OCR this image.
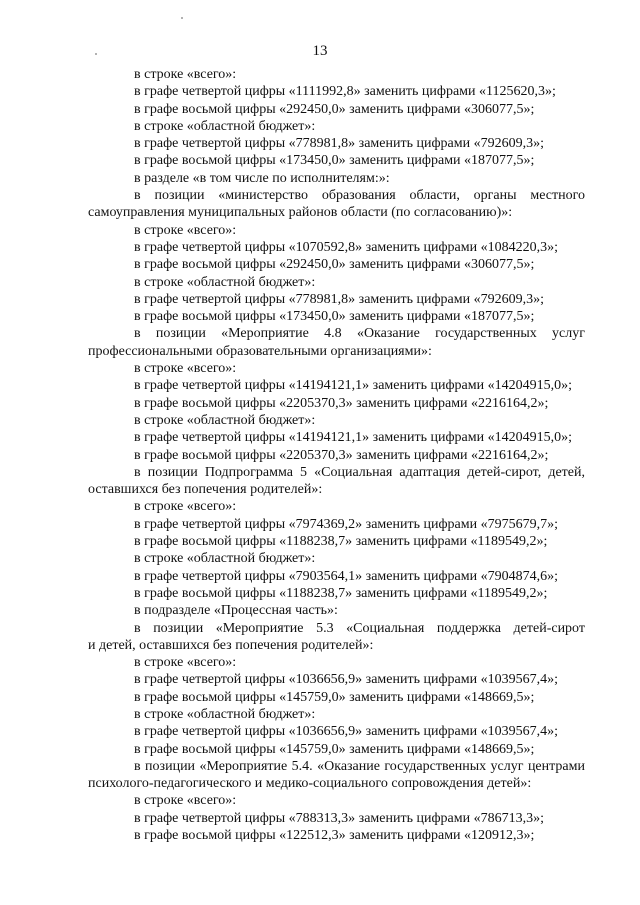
13
в строке «всего»:
в графе четвертой цифры «1111992,8» заменить цифрами «1125620,3»;
в графе восьмой цифры «292450,0» заменить цифрами «306077,5»;
в строке «областной бюджет»:
в графе четвертой цифры «778981,8» заменить цифрами «792609,3»;
в графе восьмой цифры «173450,0» заменить цифрами «187077,5»;
в разделе «в том числе по исполнителям:»:
в позиции «министерство образования области, органы местного
самоуправления муниципальных районов области (по согласованию)»:
в строке «всего»:
в графе четвертой цифры «1070592,8» заменить цифрами «1084220,3»;
в графе восьмой цифры «292450,0» заменить цифрами «306077,5»;
в строке «областной бюджет»:
в графе четвертой цифры «778981,8» заменить цифрами «792609,3»;
в графе восьмой цифры «173450,0» заменить цифрами «187077,5»;
в позиции «Мероприятие 4.8 «Оказание государственных услуг
профессиональными образовательными организациями»:
в строке «всего»:
в графе четвертой цифры «14194121,1» заменить цифрами «14204915,0»;
в графе восьмой цифры «2205370,3» заменить цифрами «2216164,2»;
в строке «областной бюджет»:
в графе четвертой цифры «14194121,1» заменить цифрами «14204915,0»;
в графе восьмой цифры «2205370,3» заменить цифрами «2216164,2»;
в позиции Подпрограмма 5 «Социальная адаптация детей-сирот, детей,
оставшихся без попечения родителей»:
в строке «всего»:
в графе четвертой цифры «7974369,2» заменить цифрами «7975679,7»;
в графе восьмой цифры «1188238,7» заменить цифрами «1189549,2»;
в строке «областной бюджет»:
в графе четвертой цифры «7903564,1» заменить цифрами «7904874,6»;
в графе восьмой цифры «1188238,7» заменить цифрами «1189549,2»;
в подразделе «Процессная часть»:
в позиции «Мероприятие 5.3 «Социальная поддержка детей-сирот
и детей, оставшихся без попечения родителей»:
в строке «всего»:
в графе четвертой цифры «1036656,9» заменить цифрами «1039567,4»;
в графе восьмой цифры «145759,0» заменить цифрами «148669,5»;
в строке «областной бюджет»:
в графе четвертой цифры «1036656,9» заменить цифрами «1039567,4»;
в графе восьмой цифры «145759,0» заменить цифрами «148669,5»;
в позиции «Мероприятие 5.4. «Оказание государственных услуг центрами
психолого-педагогического и медико-социального сопровождения детей»:
в строке «всего»:
в графе четвертой цифры «788313,3» заменить цифрами «786713,3»;
в графе восьмой цифры «122512,3» заменить цифрами «120912,3»;
